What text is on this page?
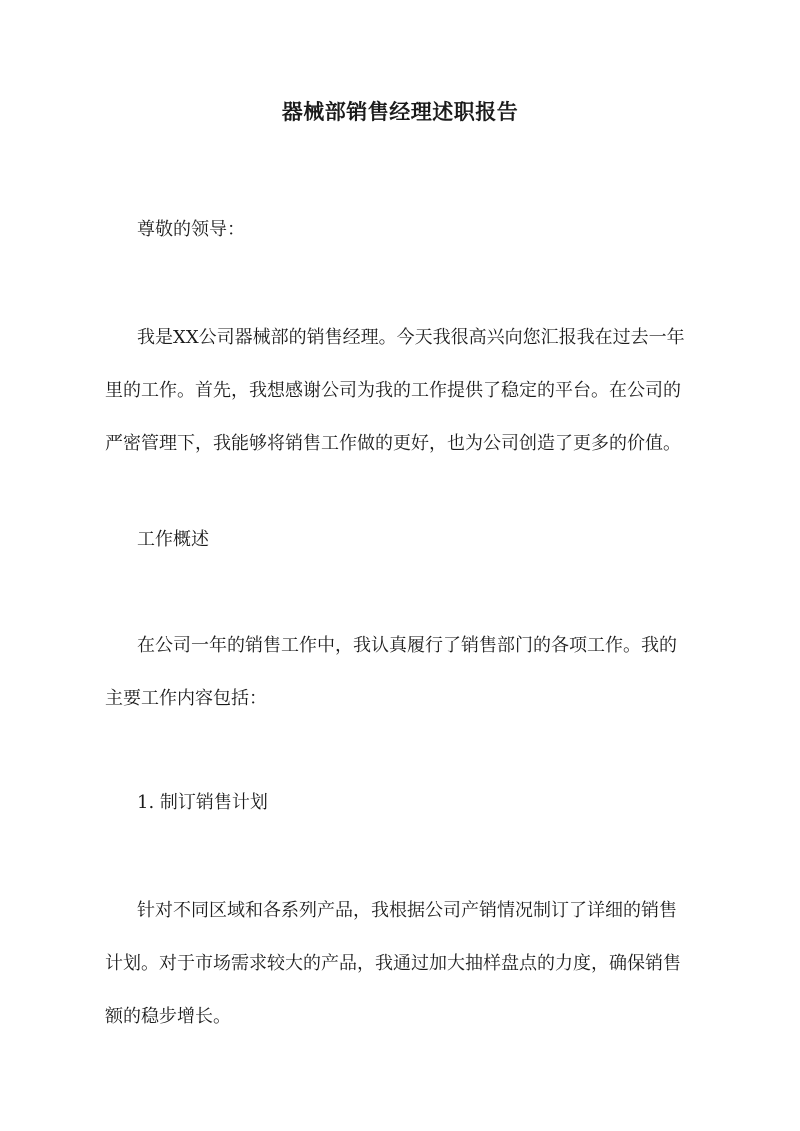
器械部销售经理述职报告

尊敬的领导：

我是XX公司器械部的销售经理。今天我很高兴向您汇报我在过去一年
里的工作。首先，我想感谢公司为我的工作提供了稳定的平台。在公司的
严密管理下，我能够将销售工作做的更好，也为公司创造了更多的价值。

工作概述

在公司一年的销售工作中，我认真履行了销售部门的各项工作。我的
主要工作内容包括：

1. 制订销售计划

针对不同区域和各系列产品，我根据公司产销情况制订了详细的销售
计划。对于市场需求较大的产品，我通过加大抽样盘点的力度，确保销售
额的稳步增长。
